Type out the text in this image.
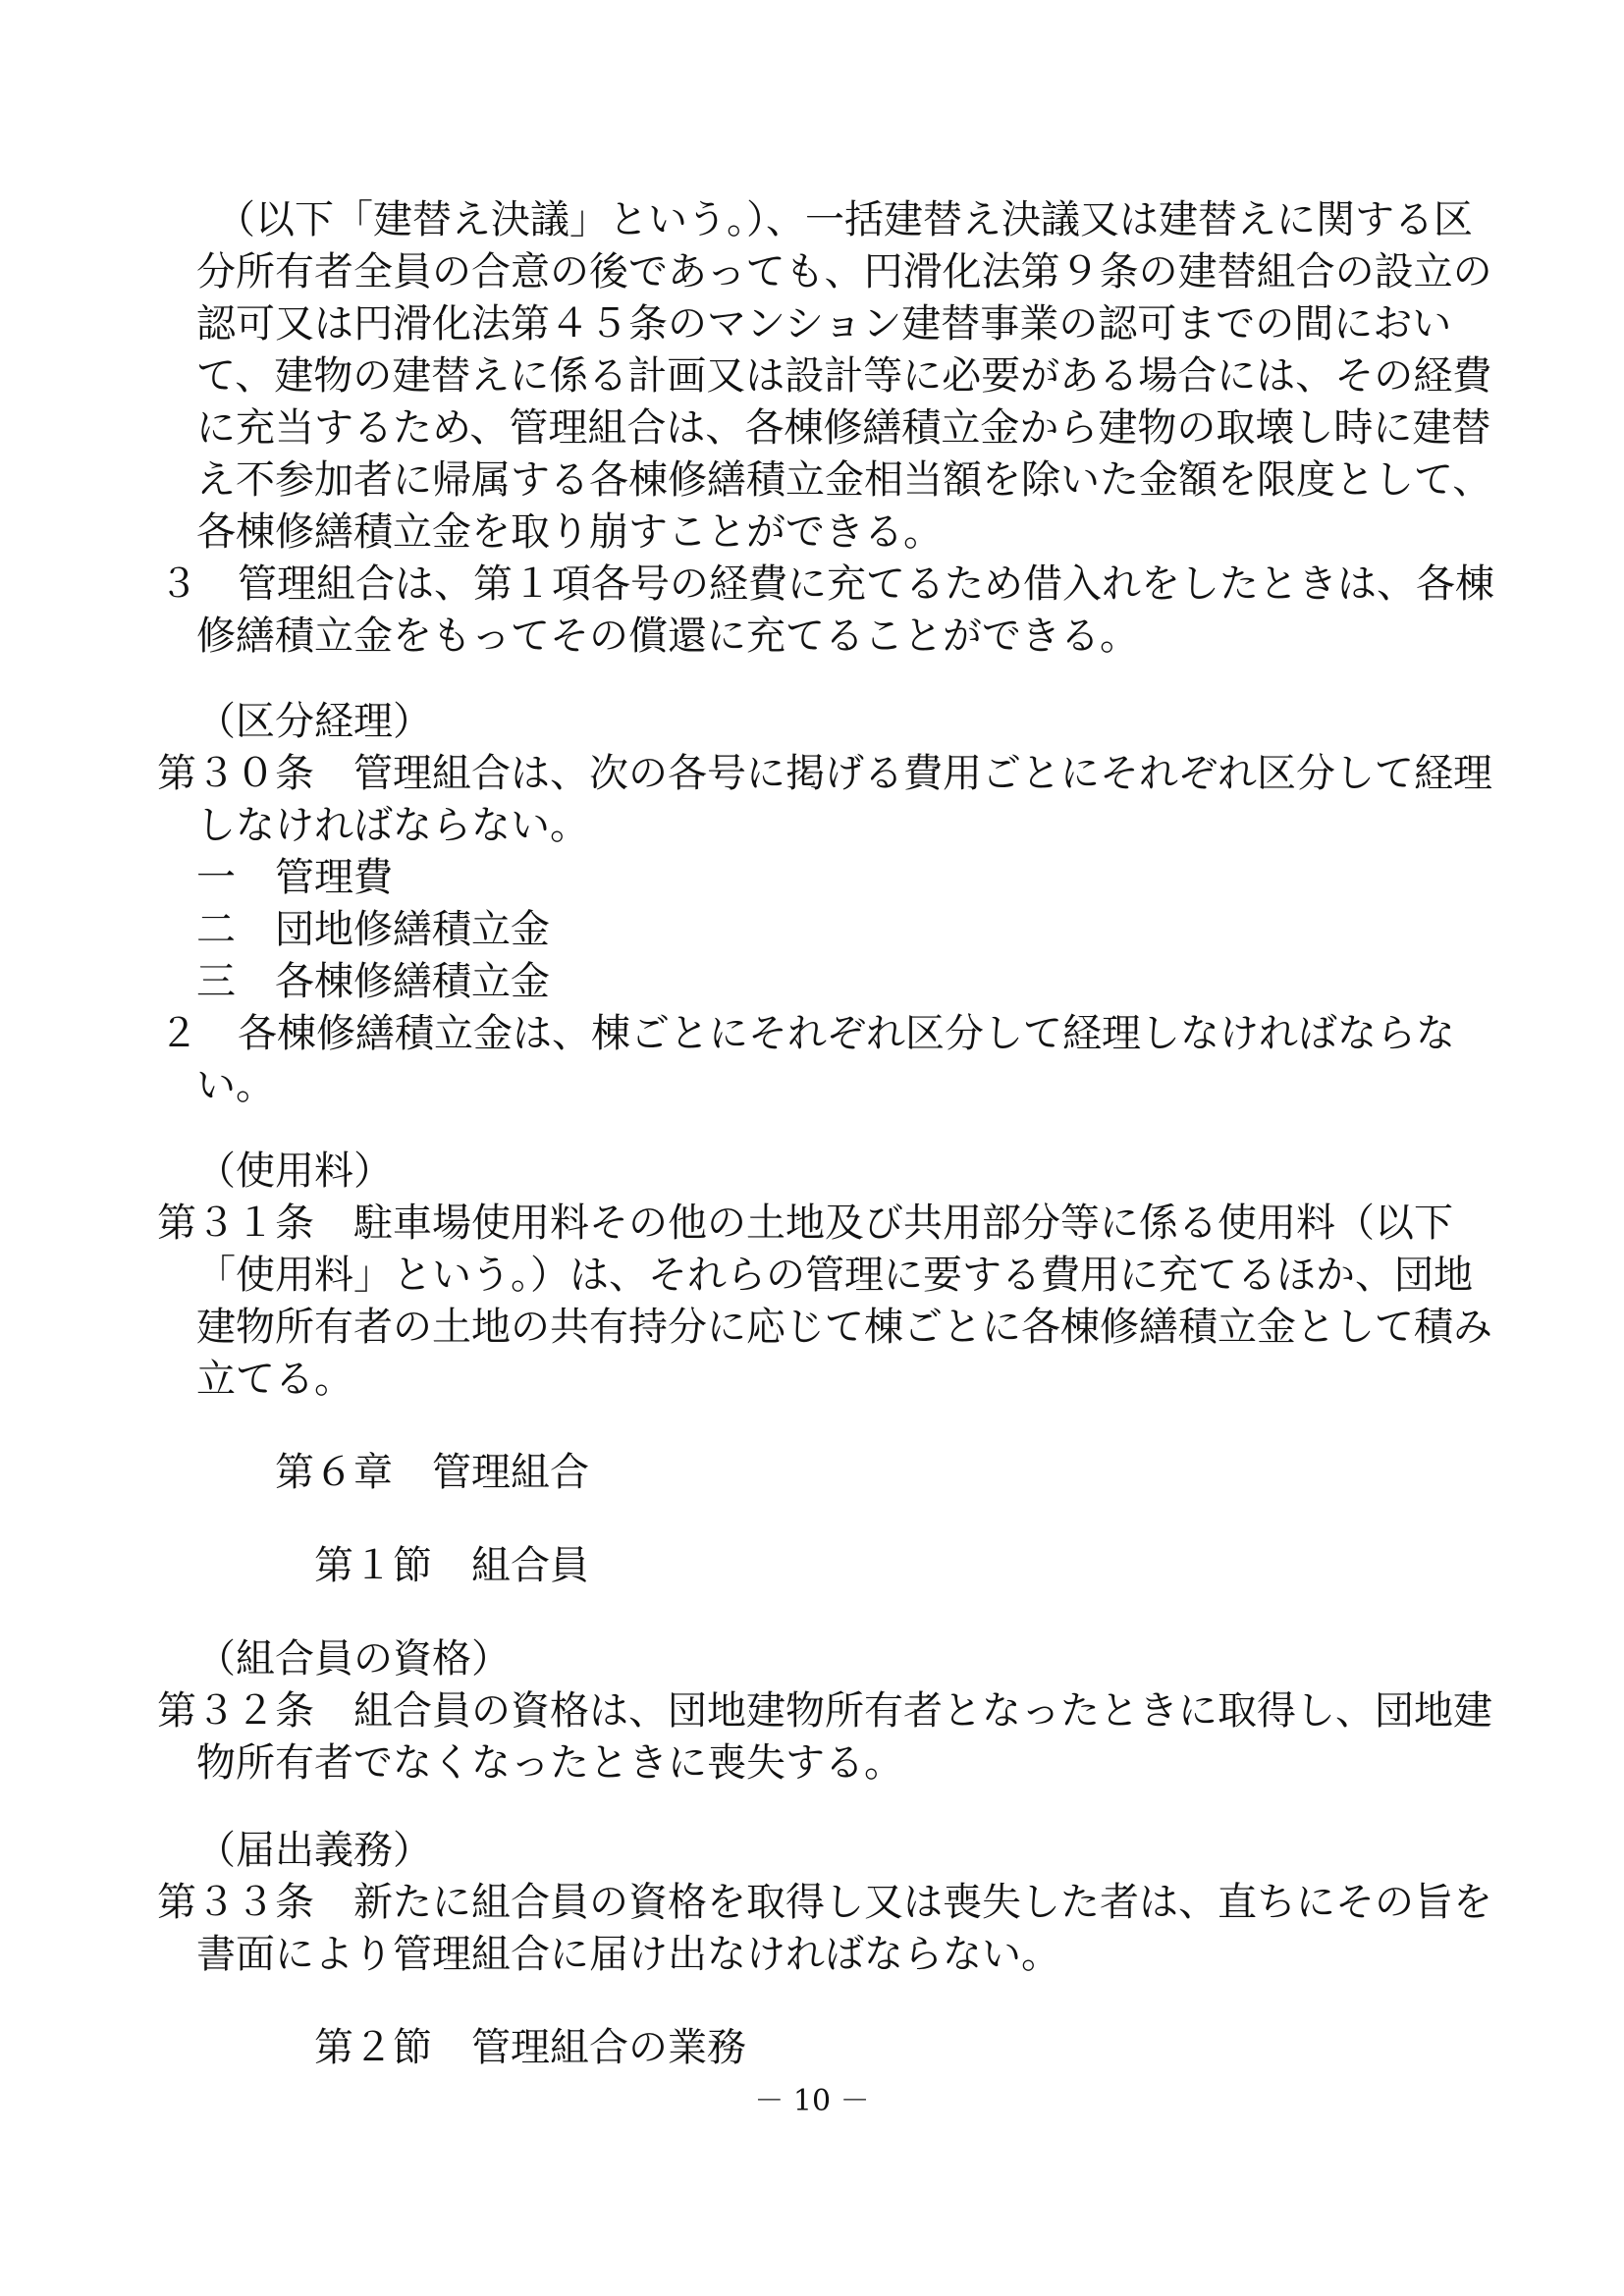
（以下「建替え決議」という。）、一括建替え決議又は建替えに関する区
分所有者全員の合意の後であっても、円滑化法第９条の建替組合の設立の
認可又は円滑化法第４５条のマンション建替事業の認可までの間におい
て、建物の建替えに係る計画又は設計等に必要がある場合には、その経費
に充当するため、管理組合は、各棟修繕積立金から建物の取壊し時に建替
え不参加者に帰属する各棟修繕積立金相当額を除いた金額を限度として、
各棟修繕積立金を取り崩すことができる。
３　管理組合は、第１項各号の経費に充てるため借入れをしたときは、各棟
修繕積立金をもってその償還に充てることができる。
（区分経理）
第３０条　管理組合は、次の各号に掲げる費用ごとにそれぞれ区分して経理
しなければならない。
一　管理費
二　団地修繕積立金
三　各棟修繕積立金
２　各棟修繕積立金は、棟ごとにそれぞれ区分して経理しなければならな
い。
（使用料）
第３１条　駐車場使用料その他の土地及び共用部分等に係る使用料（以下
「使用料」という。）は、それらの管理に要する費用に充てるほか、団地
建物所有者の土地の共有持分に応じて棟ごとに各棟修繕積立金として積み
立てる。
第６章　管理組合
第１節　組合員
（組合員の資格）
第３２条　組合員の資格は、団地建物所有者となったときに取得し、団地建
物所有者でなくなったときに喪失する。
（届出義務）
第３３条　新たに組合員の資格を取得し又は喪失した者は、直ちにその旨を
書面により管理組合に届け出なければならない。
第２節　管理組合の業務
－ 10 －
